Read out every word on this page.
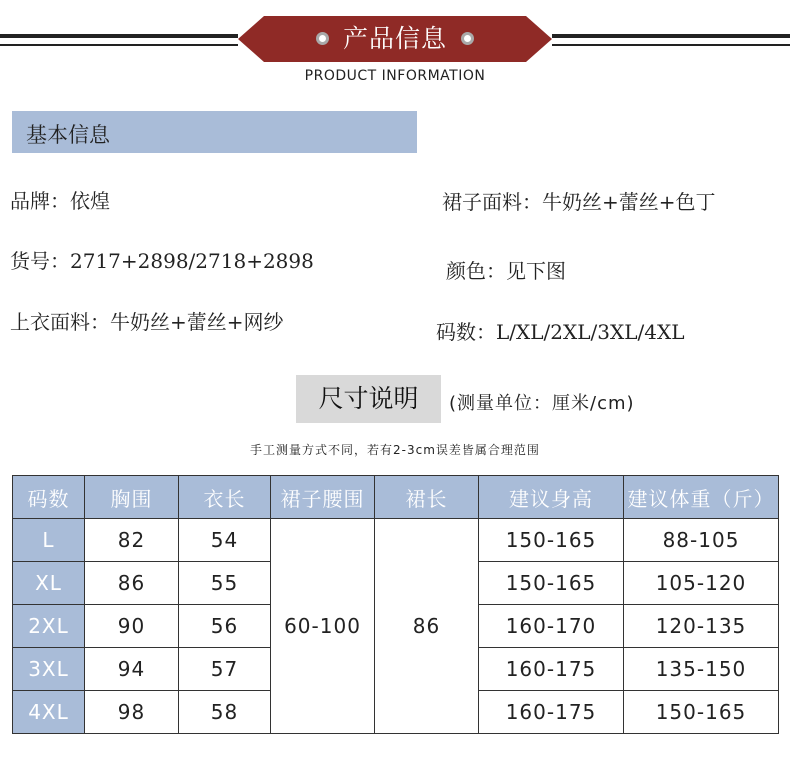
产品信息
PRODUCT INFORMATION
基本信息
品牌：依煌
货号：2717+2898/2718+2898
上衣面料：牛奶丝+蕾丝+网纱
裙子面料：牛奶丝+蕾丝+色丁
颜色：见下图
码数：L/XL/2XL/3XL/4XL
尺寸说明	(测量单位：厘米/cm)
手工测量方式不同，若有2-3cm误差皆属合理范围
码数	胸围	衣长	裙子腰围	裙长	建议身高	建议体重（斤）
L	82	54	60-100	86	150-165	88-105
XL	86	55			150-165	105-120
2XL	90	56			160-170	120-135
3XL	94	57			160-175	135-150
4XL	98	58			160-175	150-165
